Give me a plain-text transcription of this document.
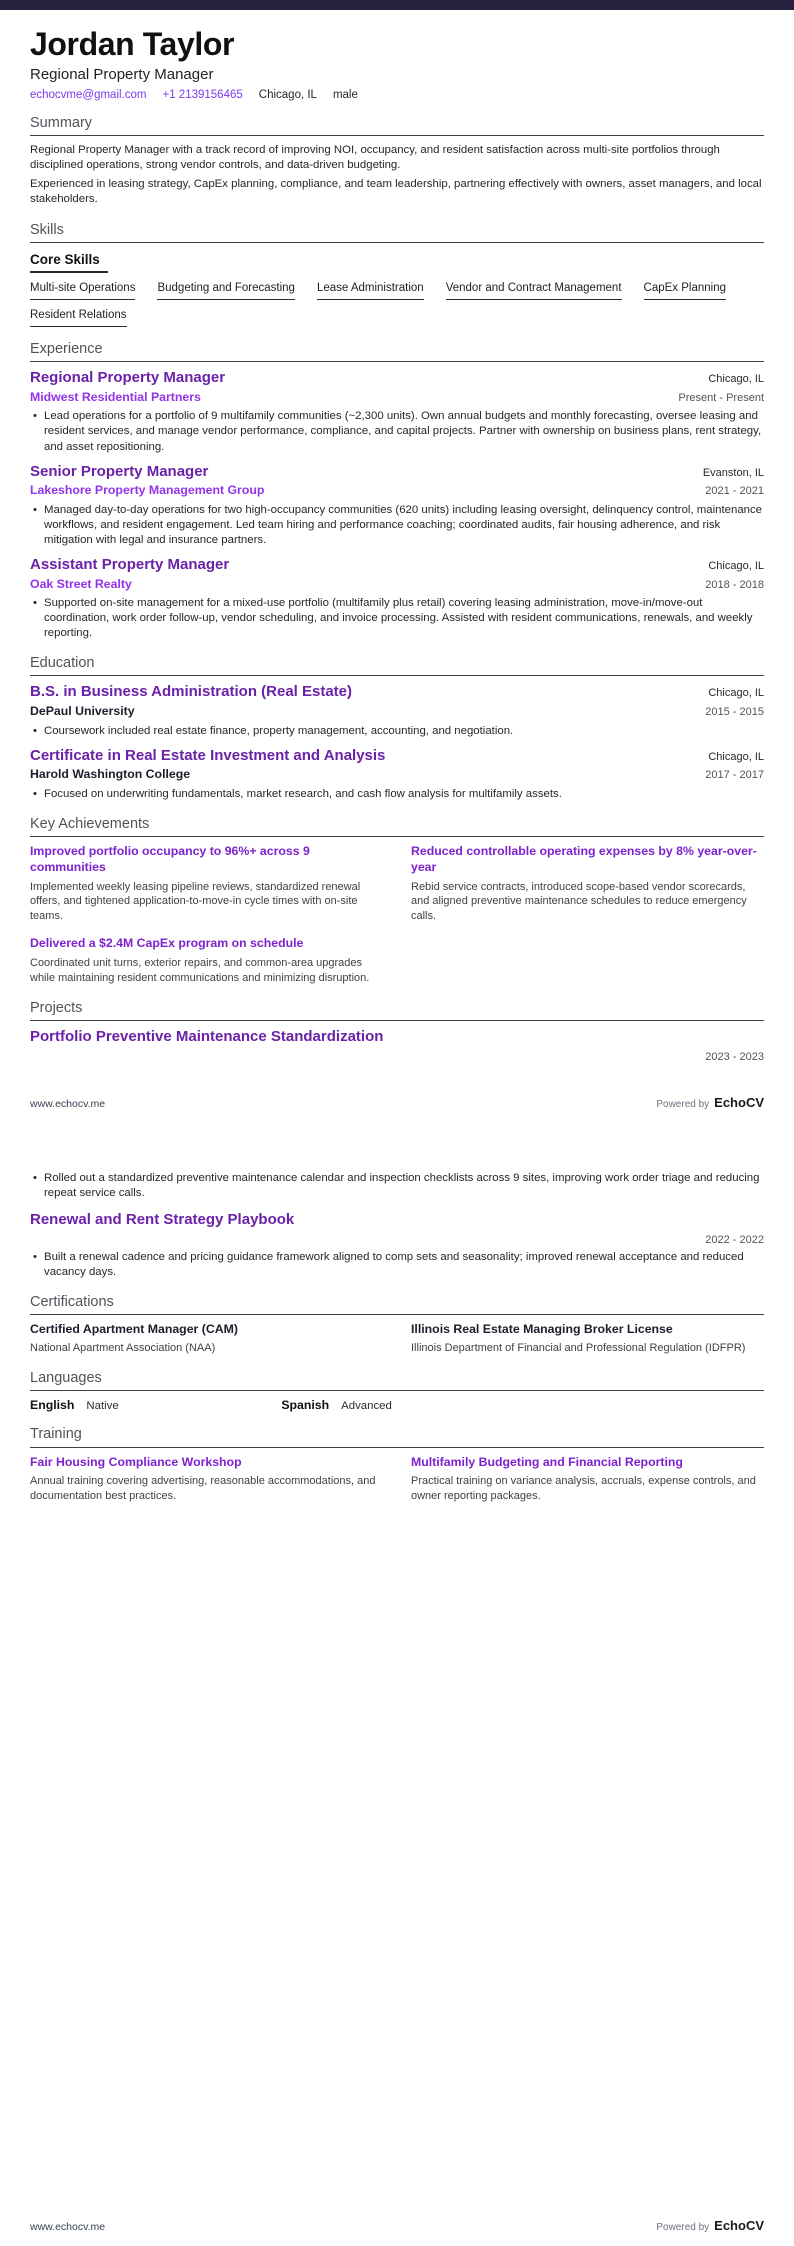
Jordan Taylor
Regional Property Manager
echocvme@gmail.com +1 2139156465 Chicago, IL male
Summary

Regional Property Manager with a track record of improving NOI, occupancy, and resident satisfaction across multi-site portfolios through disciplined operations, strong vendor controls, and data-driven budgeting.

Experienced in leasing strategy, CapEx planning, compliance, and team leadership, partnering effectively with owners, asset managers, and local stakeholders.

Skills
Core Skills
Multi-site Operations Budgeting and Forecasting Lease Administration Vendor and Contract Management CapEx Planning
Resident Relations
Experience
Regional Property Manager	Chicago, IL
Midwest Residential Partners	Present - Present
• Lead operations for a portfolio of 9 multifamily communities (~2,300 units). Own annual budgets and monthly forecasting, oversee leasing and resident services, and manage vendor performance, compliance, and capital projects. Partner with ownership on business plans, rent strategy, and asset repositioning.
Senior Property Manager	Evanston, IL
Lakeshore Property Management Group	2021 - 2021
• Managed day-to-day operations for two high-occupancy communities (620 units) including leasing oversight, delinquency control, maintenance workflows, and resident engagement. Led team hiring and performance coaching; coordinated audits, fair housing adherence, and risk mitigation with legal and insurance partners.
Assistant Property Manager	Chicago, IL
Oak Street Realty	2018 - 2018
• Supported on-site management for a mixed-use portfolio (multifamily plus retail) covering leasing administration, move-in/move-out coordination, work order follow-up, vendor scheduling, and invoice processing. Assisted with resident communications, renewals, and weekly reporting.
Education
B.S. in Business Administration (Real Estate)	Chicago, IL
DePaul University	2015 - 2015
• Coursework included real estate finance, property management, accounting, and negotiation.
Certificate in Real Estate Investment and Analysis	Chicago, IL
Harold Washington College	2017 - 2017
• Focused on underwriting fundamentals, market research, and cash flow analysis for multifamily assets.
Key Achievements
Improved portfolio occupancy to 96%+ across 9 communities
Implemented weekly leasing pipeline reviews, standardized renewal offers, and tightened application-to-move-in cycle times with on-site teams.
Reduced controllable operating expenses by 8% year-over-year
Rebid service contracts, introduced scope-based vendor scorecards, and aligned preventive maintenance schedules to reduce emergency calls.
Delivered a $2.4M CapEx program on schedule
Coordinated unit turns, exterior repairs, and common-area upgrades while maintaining resident communications and minimizing disruption.
Projects
Portfolio Preventive Maintenance Standardization
2023 - 2023
www.echocv.me	Powered by EchoCV
• Rolled out a standardized preventive maintenance calendar and inspection checklists across 9 sites, improving work order triage and reducing repeat service calls.
Renewal and Rent Strategy Playbook
2022 - 2022
• Built a renewal cadence and pricing guidance framework aligned to comp sets and seasonality; improved renewal acceptance and reduced vacancy days.
Certifications
Certified Apartment Manager (CAM)
National Apartment Association (NAA)
Illinois Real Estate Managing Broker License
Illinois Department of Financial and Professional Regulation (IDFPR)
Languages
English Native	Spanish Advanced
Training
Fair Housing Compliance Workshop
Annual training covering advertising, reasonable accommodations, and documentation best practices.
Multifamily Budgeting and Financial Reporting
Practical training on variance analysis, accruals, expense controls, and owner reporting packages.
www.echocv.me	Powered by EchoCV
